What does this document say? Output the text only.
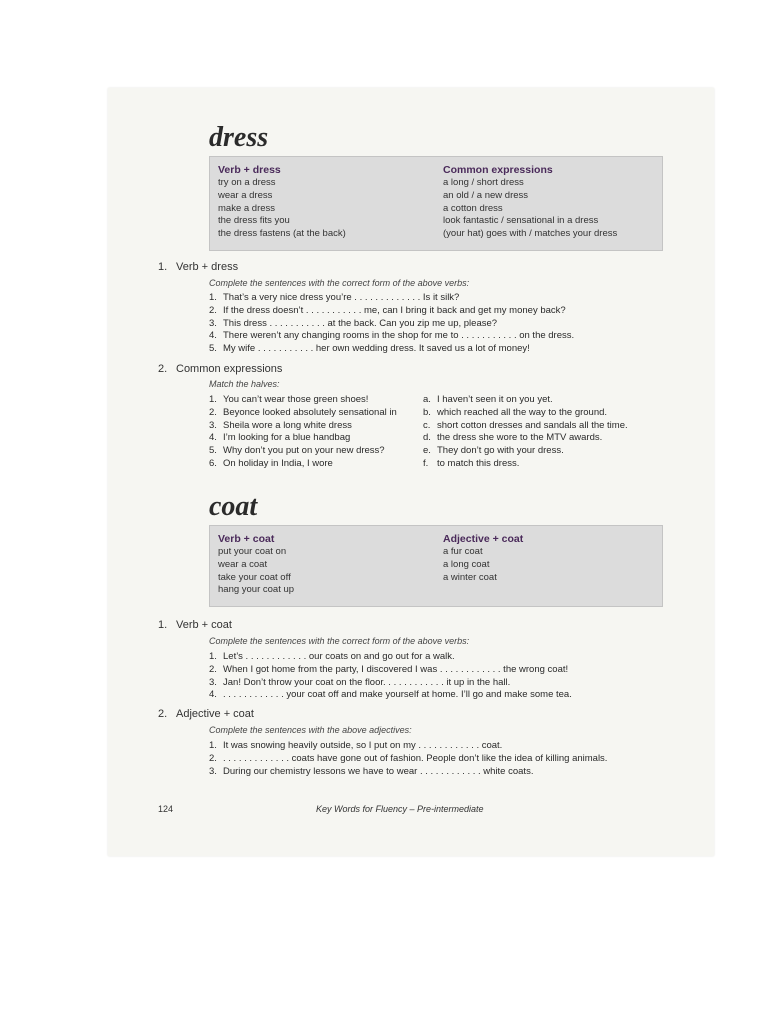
dress
Verb + dress
try on a dress
wear a dress
make a dress
the dress fits you
the dress fastens (at the back)
Common expressions
a long / short dress
an old / a new dress
a cotton dress
look fantastic / sensational in a dress
(your hat) goes with / matches your dress
1. Verb + dress
Complete the sentences with the correct form of the above verbs:
1. That’s a very nice dress you’re . . . . . . . . . . . . . Is it silk?
2. If the dress doesn’t . . . . . . . . . . . me, can I bring it back and get my money back?
3. This dress . . . . . . . . . . . at the back. Can you zip me up, please?
4. There weren’t any changing rooms in the shop for me to . . . . . . . . . . . on the dress.
5. My wife . . . . . . . . . . . her own wedding dress. It saved us a lot of money!
2. Common expressions
Match the halves:
1. You can’t wear those green shoes!
2. Beyonce looked absolutely sensational in
3. Sheila wore a long white dress
4. I’m looking for a blue handbag
5. Why don’t you put on your new dress?
6. On holiday in India, I wore
a. I haven’t seen it on you yet.
b. which reached all the way to the ground.
c. short cotton dresses and sandals all the time.
d. the dress she wore to the MTV awards.
e. They don’t go with your dress.
f. to match this dress.
coat
Verb + coat
put your coat on
wear a coat
take your coat off
hang your coat up
Adjective + coat
a fur coat
a long coat
a winter coat
1. Verb + coat
Complete the sentences with the correct form of the above verbs:
1. Let’s . . . . . . . . . . . . our coats on and go out for a walk.
2. When I got home from the party, I discovered I was . . . . . . . . . . . . the wrong coat!
3. Jan! Don’t throw your coat on the floor. . . . . . . . . . . . it up in the hall.
4. . . . . . . . . . . . . your coat off and make yourself at home. I’ll go and make some tea.
2. Adjective + coat
Complete the sentences with the above adjectives:
1. It was snowing heavily outside, so I put on my . . . . . . . . . . . . coat.
2. . . . . . . . . . . . . . coats have gone out of fashion. People don’t like the idea of killing animals.
3. During our chemistry lessons we have to wear . . . . . . . . . . . . white coats.
124	Key Words for Fluency – Pre-intermediate
